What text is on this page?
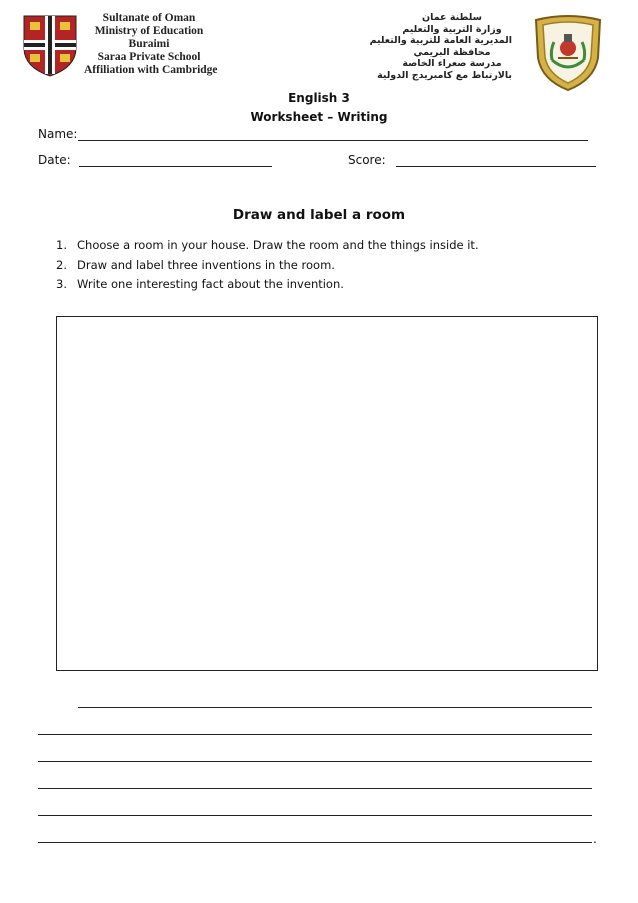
Sultanate of Oman
Ministry of Education
Buraimi
Saraa Private School
Affiliation with Cambridge
سلطنة عمان
وزارة التربية والتعليم
المديرية العامة للتربية والتعليم
محافظة البريمي
مدرسة صعراء الخاصة
بالارتباط مع كامبريدج الدولية
English 3
Worksheet – Writing
Name:
Date:	Score:
Draw and label a room
1. Choose a room in your house. Draw the room and the things inside it.
2. Draw and label three inventions in the room.
3. Write one interesting fact about the invention.
.
